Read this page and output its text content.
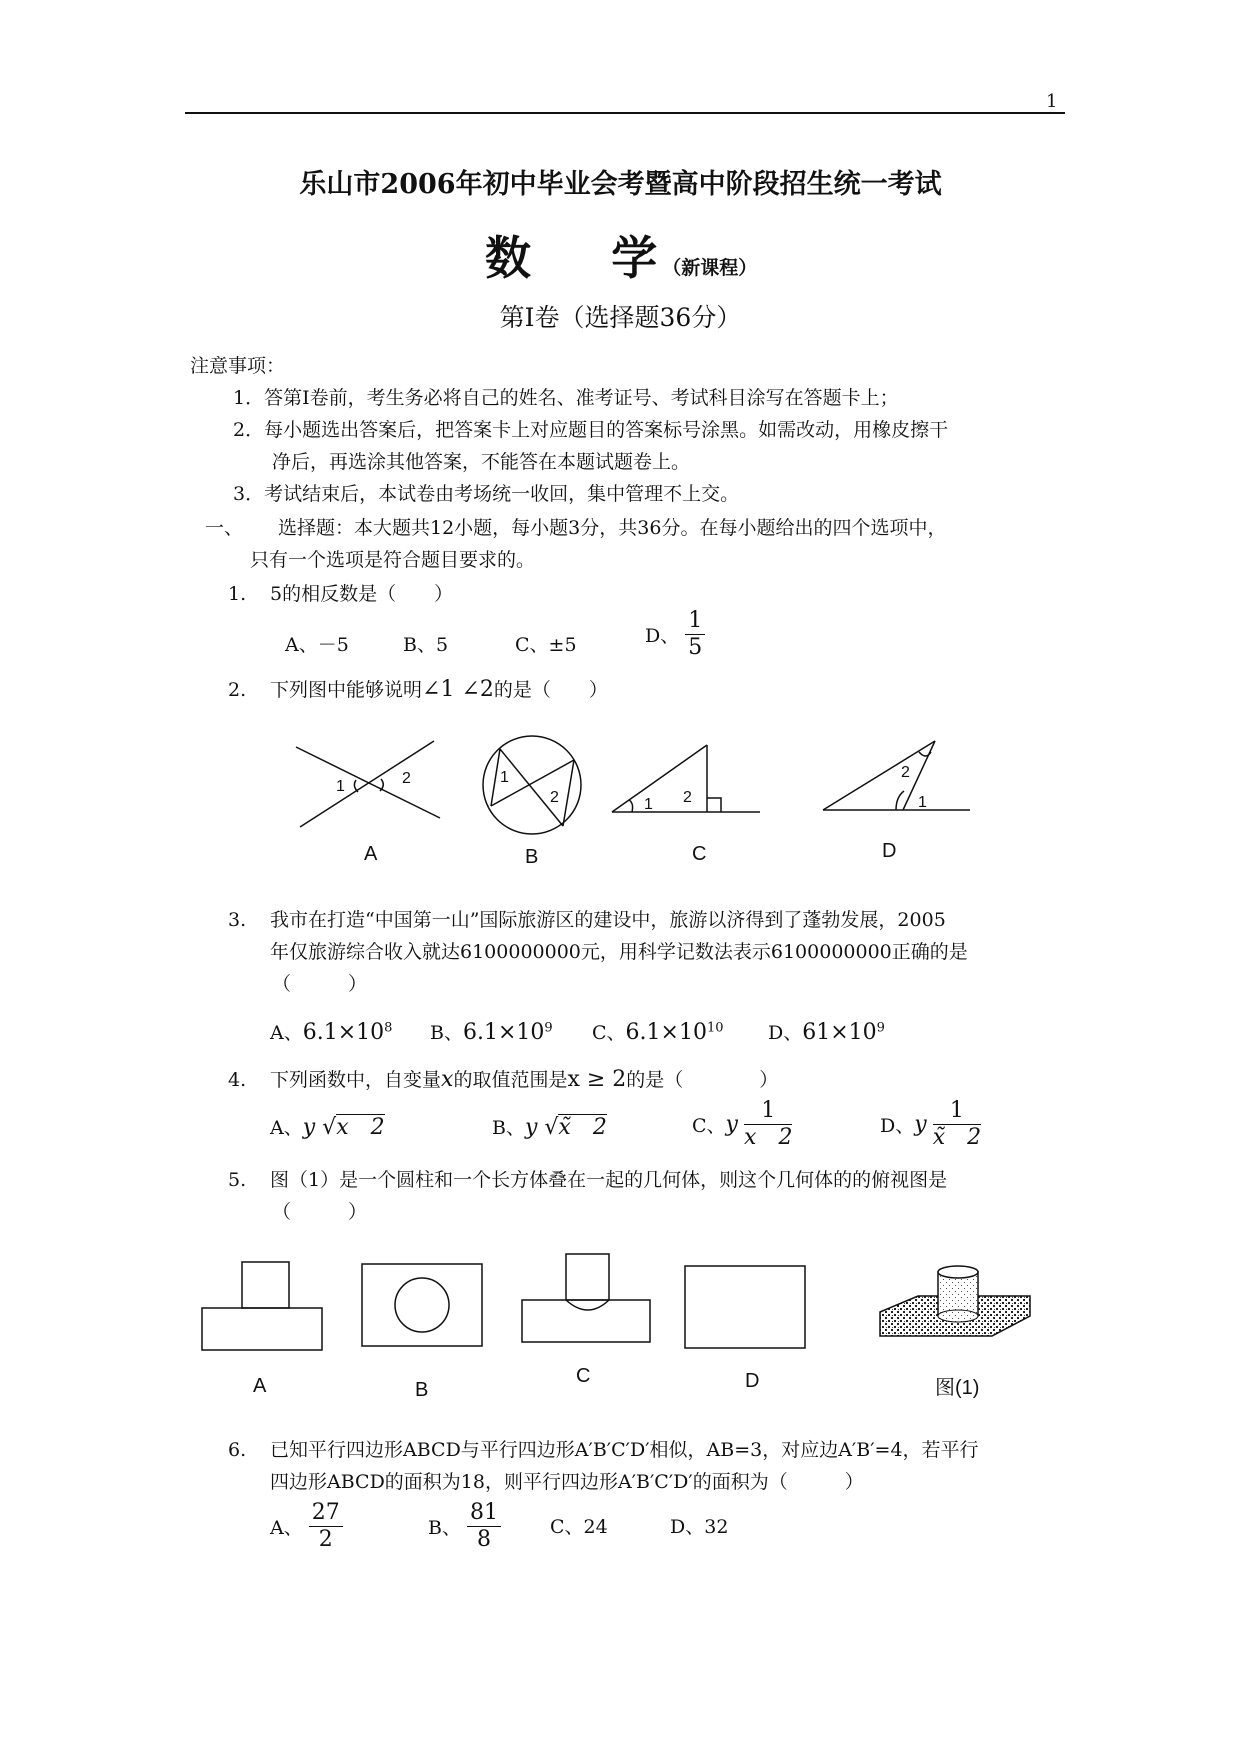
1
乐山市2006年初中毕业会考暨高中阶段招生统一考试
数 学 （新课程）
第Ⅰ卷（选择题36分）
注意事项：
1．答第Ⅰ卷前，考生务必将自己的姓名、准考证号、考试科目涂写在答题卡上；
2．每小题选出答案后，把答案卡上对应题目的答案标号涂黑。如需改动，用橡皮擦干
净后，再选涂其他答案，不能答在本题试题卷上。
3．考试结束后，本试卷由考场统一收回，集中管理不上交。
一、 选择题：本大题共12小题，每小题3分，共36分。在每小题给出的四个选项中，
只有一个选项是符合题目要求的。
1. 5的相反数是（　　）
A、－5	B、5	C、±5	D、 $\frac{1}{5}$
2. 下列图中能够说明∠1 ∠2的是（　　）
1	2	1
2	1 2	1
2
A	B	C	D
3. 我市在打造“中国第一山”国际旅游区的建设中，旅游以济得到了蓬勃发展，2005
年仅旅游综合收入就达6100000000元，用科学记数法表示6100000000正确的是
（　　　）
A、$6.1\times 10^8$ B、$6.1\times 10^9$ C、$6.1\times 10^{10}$ D、$61\times 10^9$
4. 下列函数中，自变量x的取值范围是x ≥ 2的是（　　　　）
A、y √x　2	B、y √x̃　2	C、y $\frac{1}{x 2}$	D、y $\frac{1}{x̃ 2}$
5. 图（1）是一个圆柱和一个长方体叠在一起的几何体，则这个几何体的的俯视图是
（　　　）
A	B
C	D	图(1)
6. 已知平行四边形ABCD与平行四边形A′B′C′D′相似，AB=3，对应边A′B′=4，若平行
四边形ABCD的面积为18，则平行四边形A′B′C′D′的面积为（　　　）
A、 $\frac{27}{2}$	B、 $\frac{81}{8}$	C、24	D、32
